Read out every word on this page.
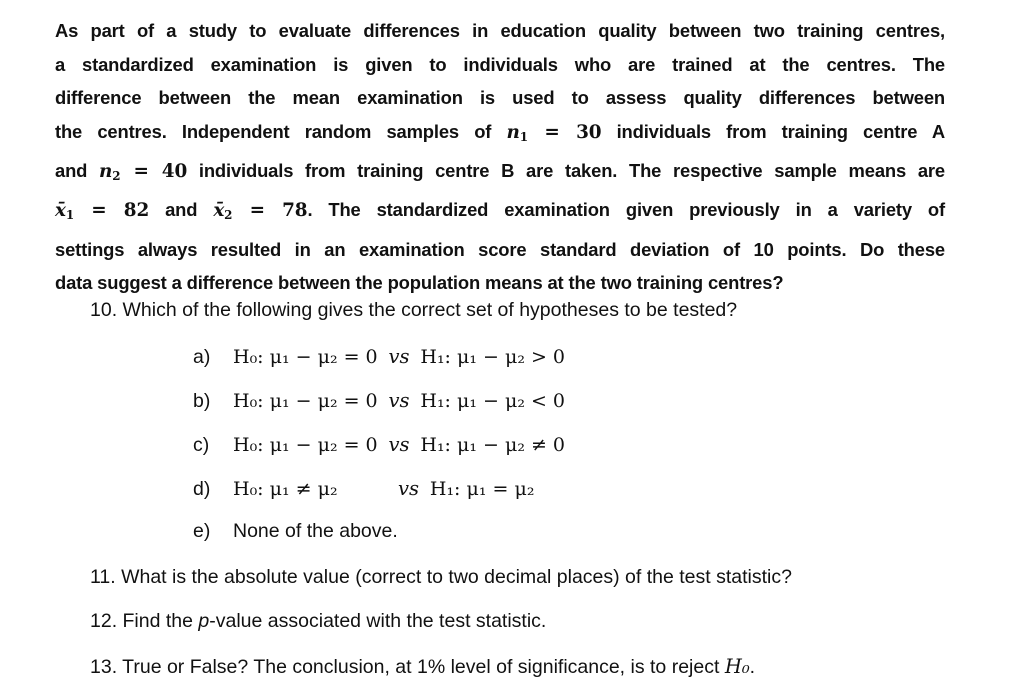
As part of a study to evaluate differences in education quality between two training centres,
a standardized examination is given to individuals who are trained at the centres. The
difference between the mean examination is used to assess quality differences between
the centres. Independent random samples of $n_1 = 30$ individuals from training centre A
and $n_2 = 40$ individuals from training centre B are taken. The respective sample means are
$x̄_1 = 82$ and $x̄_2 = 78$. The standardized examination given previously in a variety of
settings always resulted in an examination score standard deviation of 10 points. Do these
data suggest a difference between the population means at the two training centres?
10. Which of the following gives the correct set of hypotheses to be tested?
a) H₀: μ₁ − μ₂ = 0 vs H₁: μ₁ − μ₂ > 0
b) H₀: μ₁ − μ₂ = 0 vs H₁: μ₁ − μ₂ < 0
c) H₀: μ₁ − μ₂ = 0 vs H₁: μ₁ − μ₂ ≠ 0
d) H₀: μ₁ ≠ μ₂	vs H₁: μ₁ = μ₂
e) None of the above.
11. What is the absolute value (correct to two decimal places) of the test statistic?
12. Find the p-value associated with the test statistic.
13. True or False? The conclusion, at 1% level of significance, is to reject H₀.
